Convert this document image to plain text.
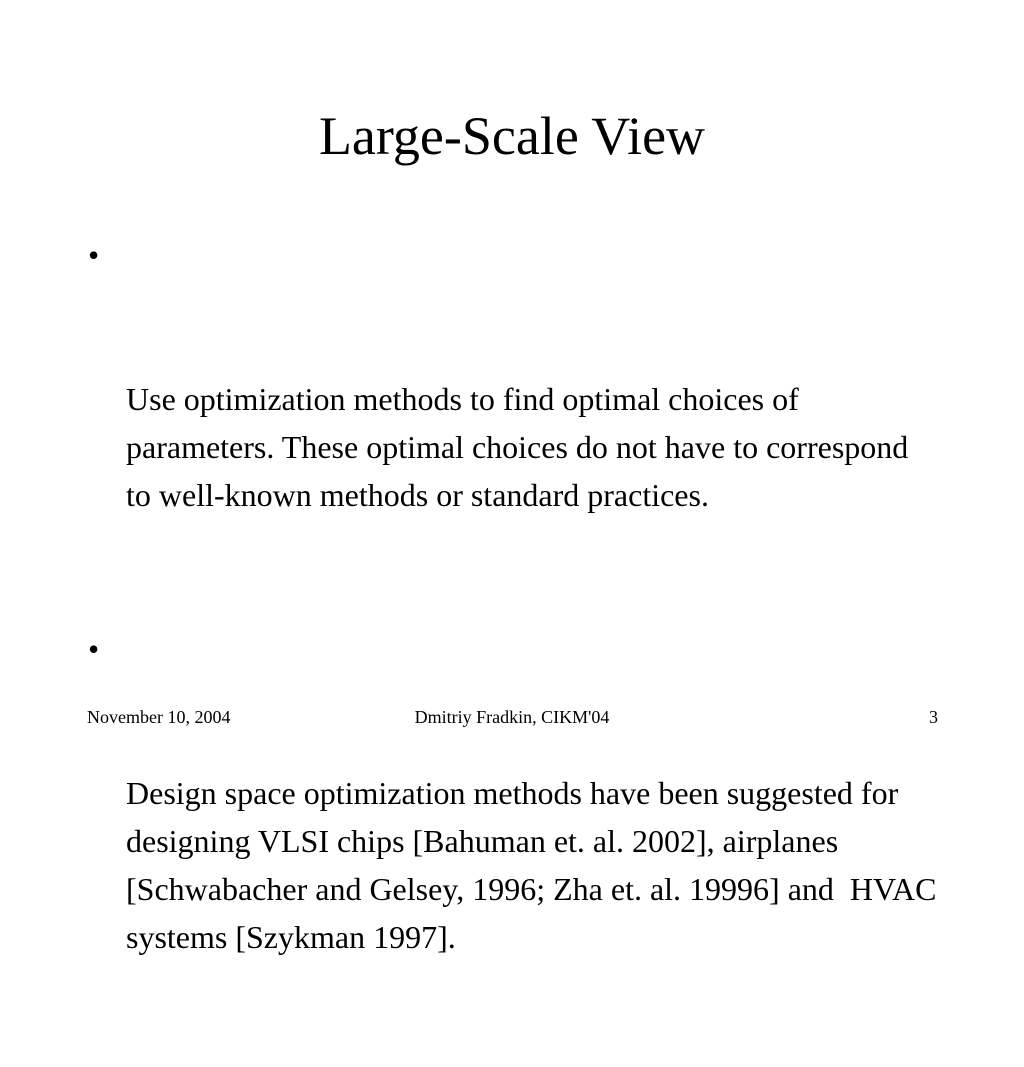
Large-Scale View

•

Use optimization methods to find optimal choices of parameters. These optimal choices do not have to correspond to well-known methods or standard practices.

•

Design space optimization methods have been suggested for designing VLSI chips [Bahuman et. al. 2002], airplanes [Schwabacher and Gelsey, 1996; Zha et. al. 19996] and  HVAC systems [Szykman 1997].

November 10, 2004	Dmitriy Fradkin, CIKM'04	3
